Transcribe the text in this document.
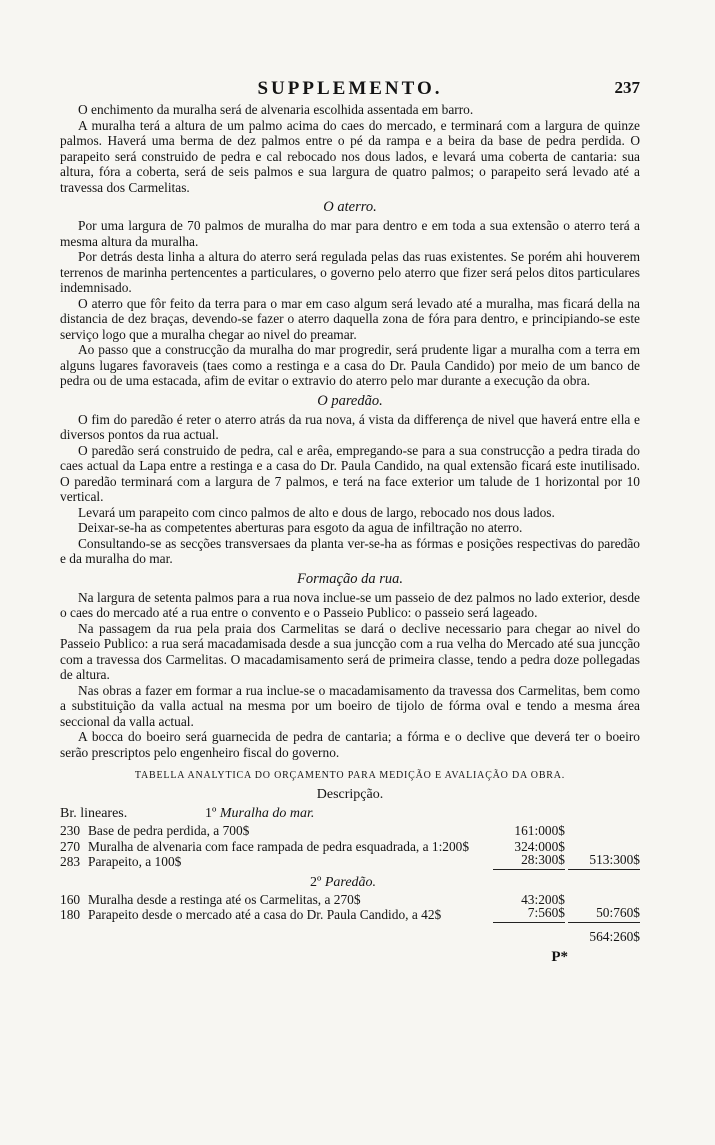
SUPPLEMENTO.	237

O enchimento da muralha será de alvenaria escolhida assentada em barro.

A muralha terá a altura de um palmo acima do caes do mercado, e terminará com a largura de quinze palmos. Haverá uma berma de dez palmos entre o pé da rampa e a beira da base de pedra perdida. O parapeito será construido de pedra e cal rebocado nos dous lados, e levará uma coberta de cantaria: sua altura, fóra a coberta, será de seis palmos e sua largura de quatro palmos; o parapeito será levado até a travessa dos Carmelitas.

O aterro.

Por uma largura de 70 palmos de muralha do mar para dentro e em toda a sua extensão o aterro terá a mesma altura da muralha.

Por detrás desta linha a altura do aterro será regulada pelas das ruas existentes. Se porém ahi houverem terrenos de marinha pertencentes a particulares, o governo pelo aterro que fizer será pelos ditos particulares indemnisado.

O aterro que fôr feito da terra para o mar em caso algum será levado até a muralha, mas ficará della na distancia de dez braças, devendo-se fazer o aterro daquella zona de fóra para dentro, e principiando-se este serviço logo que a muralha chegar ao nivel do preamar.

Ao passo que a construcção da muralha do mar progredir, será prudente ligar a muralha com a terra em alguns lugares favoraveis (taes como a restinga e a casa do Dr. Paula Candido) por meio de um banco de pedra ou de uma estacada, afim de evitar o extravio do aterro pelo mar durante a execução da obra.

O paredão.

O fim do paredão é reter o aterro atrás da rua nova, á vista da differença de nivel que haverá entre ella e diversos pontos da rua actual.

O paredão será construido de pedra, cal e arêa, empregando-se para a sua construcção a pedra tirada do caes actual da Lapa entre a restinga e a casa do Dr. Paula Candido, na qual extensão ficará este inutilisado. O paredão terminará com a largura de 7 palmos, e terá na face exterior um talude de 1 horizontal por 10 vertical.

Levará um parapeito com cinco palmos de alto e dous de largo, rebocado nos dous lados.

Deixar-se-ha as competentes aberturas para esgoto da agua de infiltração no aterro.

Consultando-se as secções transversaes da planta ver-se-ha as fórmas e posições respectivas do paredão e da muralha do mar.

Formação da rua.

Na largura de setenta palmos para a rua nova inclue-se um passeio de dez palmos no lado exterior, desde o caes do mercado até a rua entre o convento e o Passeio Publico: o passeio será lageado.

Na passagem da rua pela praia dos Carmelitas se dará o declive necessario para chegar ao nivel do Passeio Publico: a rua será macadamisada desde a sua juncção com a rua velha do Mercado até sua juncção com a travessa dos Carmelitas. O macadamisamento será de primeira classe, tendo a pedra doze pollegadas de altura.

Nas obras a fazer em formar a rua inclue-se o macadamisamento da travessa dos Carmelitas, bem como a substituição da valla actual na mesma por um boeiro de tijolo de fórma oval e tendo a mesma área seccional da valla actual.

A bocca do boeiro será guarnecida de pedra de cantaria; a fórma e o declive que deverá ter o boeiro serão prescriptos pelo engenheiro fiscal do governo.

TABELLA ANALYTICA DO ORÇAMENTO PARA MEDIÇÃO E AVALIAÇÃO DA OBRA.
Descripção.
Br. lineares.	1º Muralha do mar.
230 Base de pedra perdida, a 700$	161:000$
270 Muralha de alvenaria com face rampada de pedra esquadrada, a 1:200$	324:000$
283 Parapeito, a 100$	28:300$	513:300$
2º Paredão.
160 Muralha desde a restinga até os Carmelitas, a 270$	43:200$
180 Parapeito desde o mercado até a casa do Dr. Paula Candido, a 42$	7:560$	50:760$
564:260$
P*
